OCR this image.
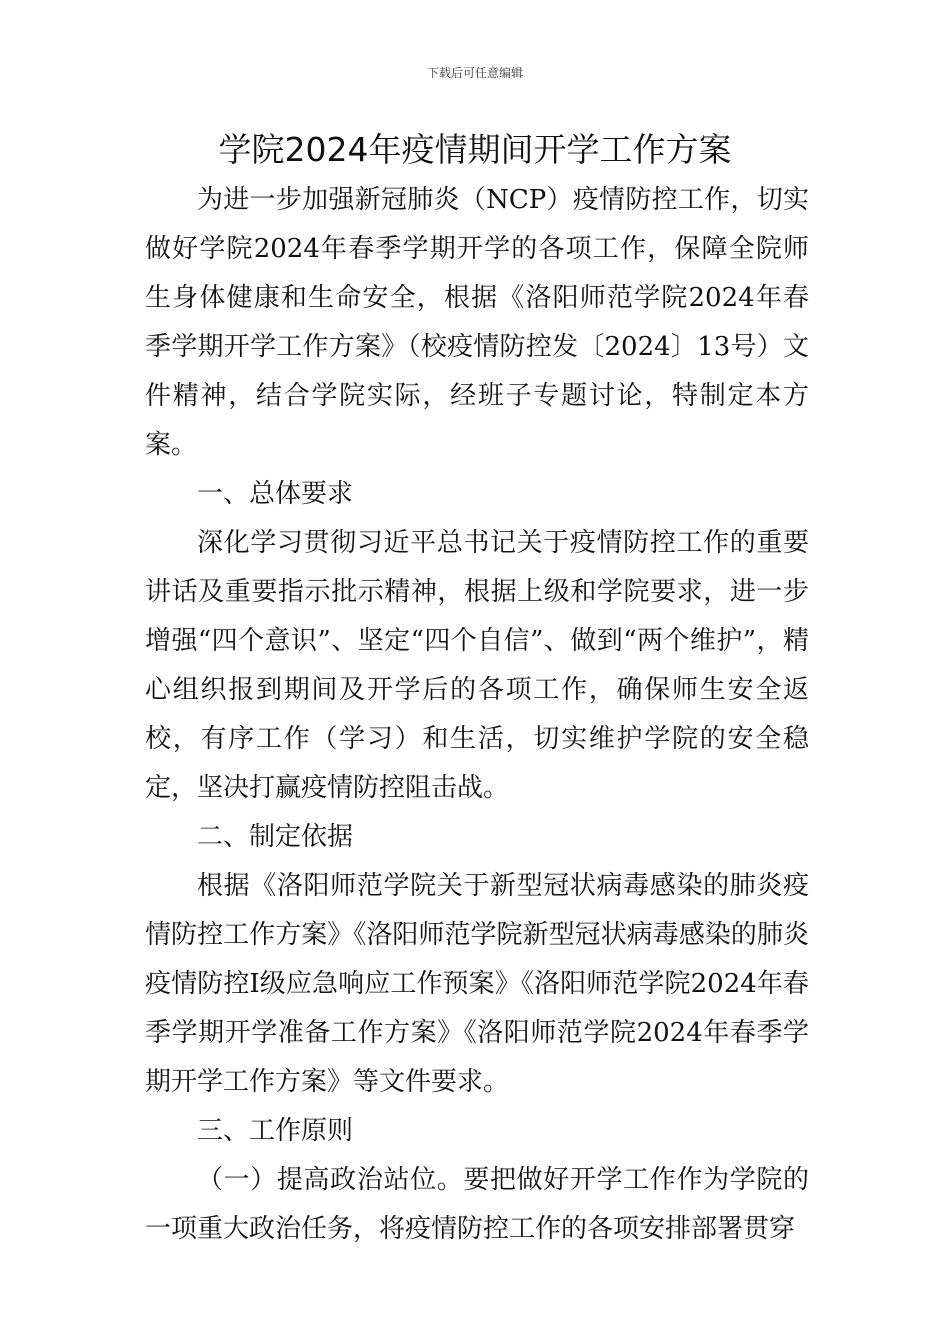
下载后可任意编辑
学院2024年疫情期间开学工作方案

为进一步加强新冠肺炎（NCP）疫情防控工作，切实做好学院2024年春季学期开学的各项工作，保障全院师生身体健康和生命安全，根据《洛阳师范学院2024年春季学期开学工作方案》（校疫情防控发〔2024〕13号）文件精神，结合学院实际，经班子专题讨论，特制定本方案。

一、总体要求

深化学习贯彻习近平总书记关于疫情防控工作的重要讲话及重要指示批示精神，根据上级和学院要求，进一步增强“四个意识”、坚定“四个自信”、做到“两个维护”，精心组织报到期间及开学后的各项工作，确保师生安全返校，有序工作（学习）和生活，切实维护学院的安全稳定，坚决打赢疫情防控阻击战。

二、制定依据

根据《洛阳师范学院关于新型冠状病毒感染的肺炎疫情防控工作方案》《洛阳师范学院新型冠状病毒感染的肺炎疫情防控Ⅰ级应急响应工作预案》《洛阳师范学院2024年春季学期开学准备工作方案》《洛阳师范学院2024年春季学期开学工作方案》等文件要求。

三、工作原则

（一）提高政治站位。要把做好开学工作作为学院的一项重大政治任务，将疫情防控工作的各项安排部署贯穿
